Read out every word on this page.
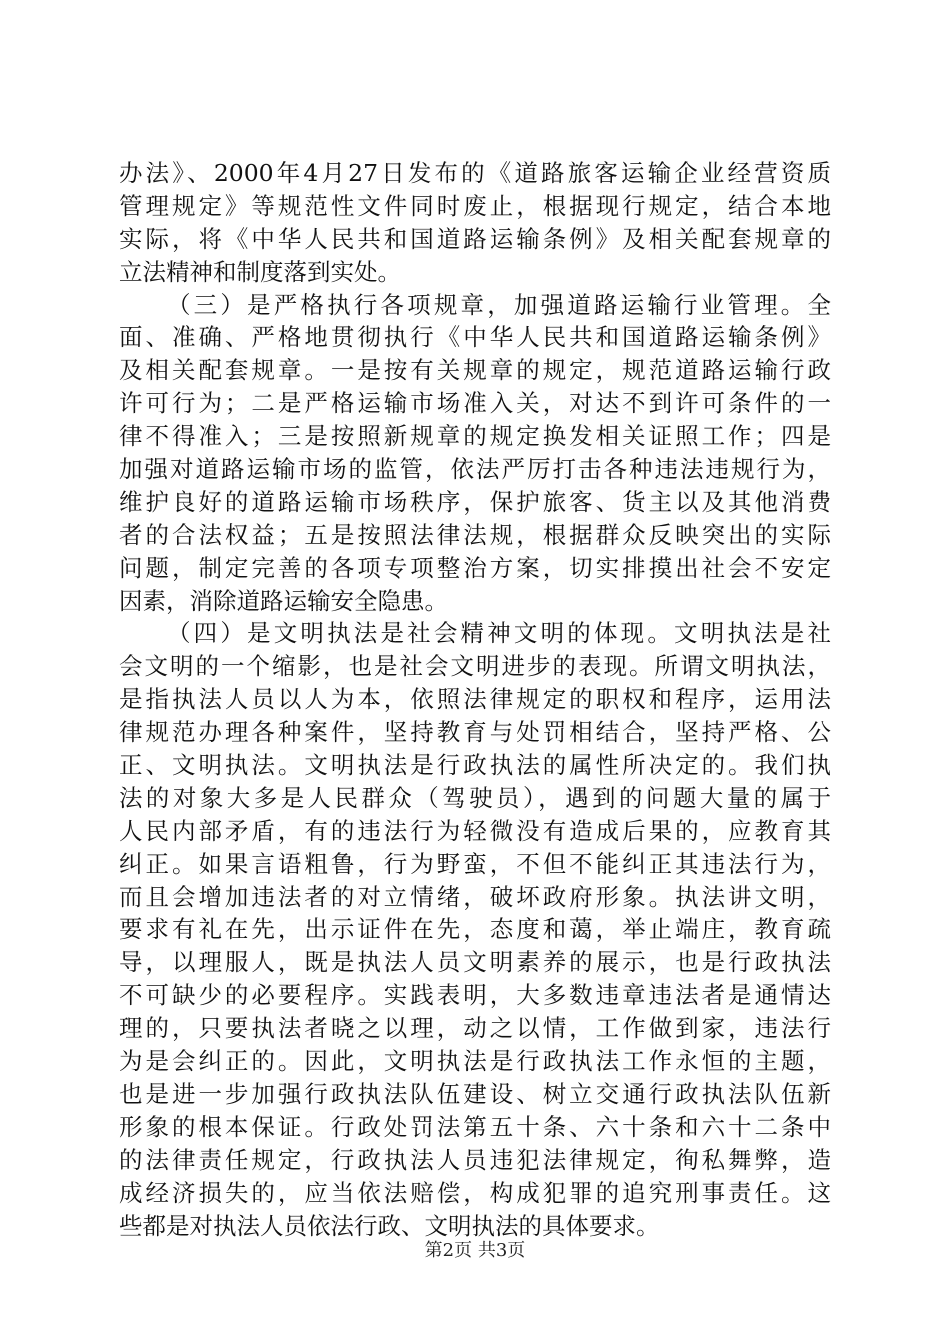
办法》、2000年4月27日发布的《道路旅客运输企业经营资质
管理规定》等规范性文件同时废止，根据现行规定，结合本地
实际，将《中华人民共和国道路运输条例》及相关配套规章的
立法精神和制度落到实处。
（三）是严格执行各项规章，加强道路运输行业管理。全
面、准确、严格地贯彻执行《中华人民共和国道路运输条例》
及相关配套规章。一是按有关规章的规定，规范道路运输行政
许可行为；二是严格运输市场准入关，对达不到许可条件的一
律不得准入；三是按照新规章的规定换发相关证照工作；四是
加强对道路运输市场的监管，依法严厉打击各种违法违规行为，
维护良好的道路运输市场秩序，保护旅客、货主以及其他消费
者的合法权益；五是按照法律法规，根据群众反映突出的实际
问题，制定完善的各项专项整治方案，切实排摸出社会不安定
因素，消除道路运输安全隐患。
（四）是文明执法是社会精神文明的体现。文明执法是社
会文明的一个缩影，也是社会文明进步的表现。所谓文明执法，
是指执法人员以人为本，依照法律规定的职权和程序，运用法
律规范办理各种案件，坚持教育与处罚相结合，坚持严格、公
正、文明执法。文明执法是行政执法的属性所决定的。我们执
法的对象大多是人民群众（驾驶员），遇到的问题大量的属于
人民内部矛盾，有的违法行为轻微没有造成后果的，应教育其
纠正。如果言语粗鲁，行为野蛮，不但不能纠正其违法行为，
而且会增加违法者的对立情绪，破坏政府形象。执法讲文明，
要求有礼在先，出示证件在先，态度和蔼，举止端庄，教育疏
导，以理服人，既是执法人员文明素养的展示，也是行政执法
不可缺少的必要程序。实践表明，大多数违章违法者是通情达
理的，只要执法者晓之以理，动之以情，工作做到家，违法行
为是会纠正的。因此，文明执法是行政执法工作永恒的主题，
也是进一步加强行政执法队伍建设、树立交通行政执法队伍新
形象的根本保证。行政处罚法第五十条、六十条和六十二条中
的法律责任规定，行政执法人员违犯法律规定，徇私舞弊，造
成经济损失的，应当依法赔偿，构成犯罪的追究刑事责任。这
些都是对执法人员依法行政、文明执法的具体要求。
第2页 共3页
